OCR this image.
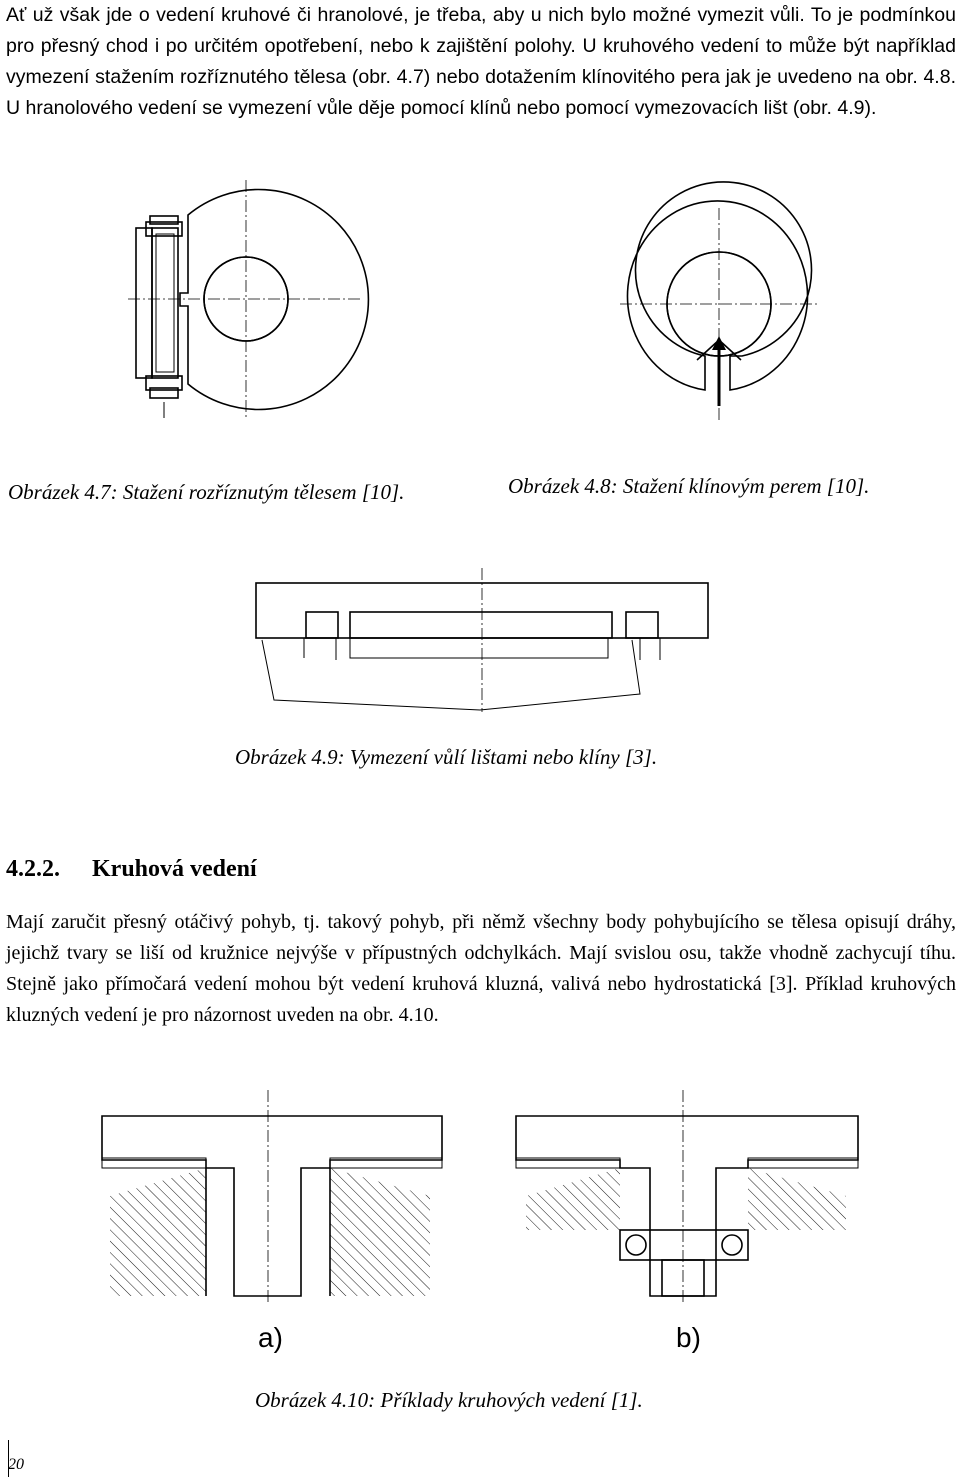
Ať už však jde o vedení kruhové či hranolové, je třeba, aby u nich bylo možné vymezit vůli. To je podmínkou pro přesný chod i po určitém opotřebení, nebo k zajištění polohy. U kruhového vedení to může být například vymezení stažením rozříznutého tělesa (obr. 4.7) nebo dotažením klínovitého pera jak je uvedeno na obr. 4.8. U hranolového vedení se vymezení vůle děje pomocí klínů nebo pomocí vymezovacích lišt (obr. 4.9).

Obrázek 4.7: Stažení rozříznutým tělesem [10].	Obrázek 4.8: Stažení klínovým perem [10].

Obrázek 4.9: Vymezení vůlí lištami nebo klíny [3].

4.2.2. Kruhová vedení

Mají zaručit přesný otáčivý pohyb, tj. takový pohyb, při němž všechny body pohybujícího se tělesa opisují dráhy, jejichž tvary se liší od kružnice nejvýše v přípustných odchylkách. Mají svislou osu, takže vhodně zachycují tíhu. Stejně jako přímočará vedení mohou být vedení kruhová kluzná, valivá nebo hydrostatická [3]. Příklad kruhových kluzných vedení je pro názornost uveden na obr. 4.10.

a)	b)

Obrázek 4.10: Příklady kruhových vedení [1].

20
